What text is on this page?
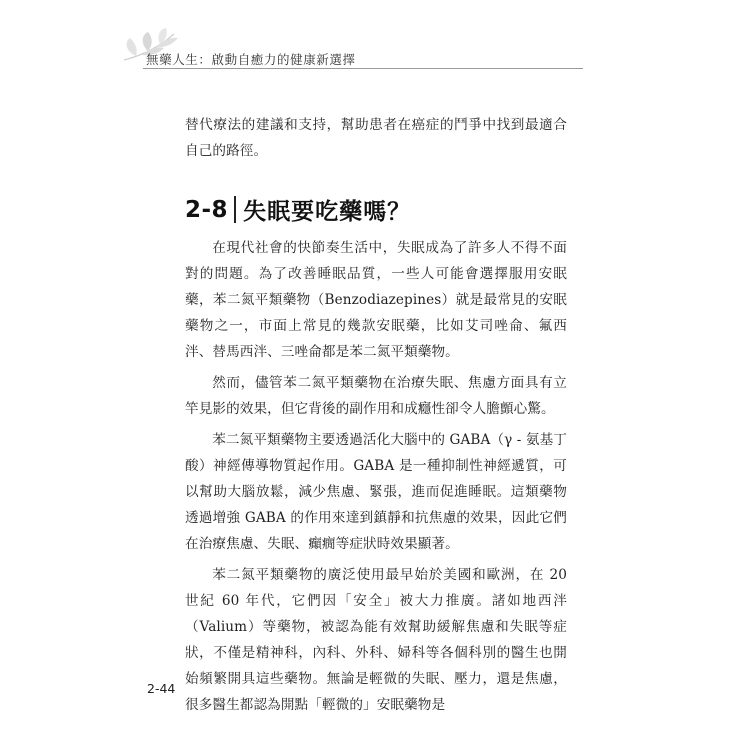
無藥人生：啟動自癒力的健康新選擇

替代療法的建議和支持，幫助患者在癌症的鬥爭中找到最適合自己的路徑。

2-8 失眠要吃藥嗎？

在現代社會的快節奏生活中，失眠成為了許多人不得不面對的問題。為了改善睡眠品質，一些人可能會選擇服用安眠藥，苯二氮平類藥物（Benzodiazepines）就是最常見的安眠藥物之一，市面上常見的幾款安眠藥，比如艾司唑侖、氟西泮、替馬西泮、三唑侖都是苯二氮平類藥物。

然而，儘管苯二氮平類藥物在治療失眠、焦慮方面具有立竿見影的效果，但它背後的副作用和成癮性卻令人膽顫心驚。

苯二氮平類藥物主要透過活化大腦中的 GABA（γ - 氨基丁酸）神經傳導物質起作用。GABA 是一種抑制性神經遞質，可以幫助大腦放鬆，減少焦慮、緊張，進而促進睡眠。這類藥物透過增強 GABA 的作用來達到鎮靜和抗焦慮的效果，因此它們在治療焦慮、失眠、癲癇等症狀時效果顯著。

苯二氮平類藥物的廣泛使用最早始於美國和歐洲，在 20 世紀 60 年代，它們因「安全」被大力推廣。諸如地西泮（Valium）等藥物，被認為能有效幫助緩解焦慮和失眠等症狀，不僅是精神科，內科、外科、婦科等各個科別的醫生也開始頻繁開具這些藥物。無論是輕微的失眠、壓力，還是焦慮，很多醫生都認為開點「輕微的」安眠藥物是

2-44
